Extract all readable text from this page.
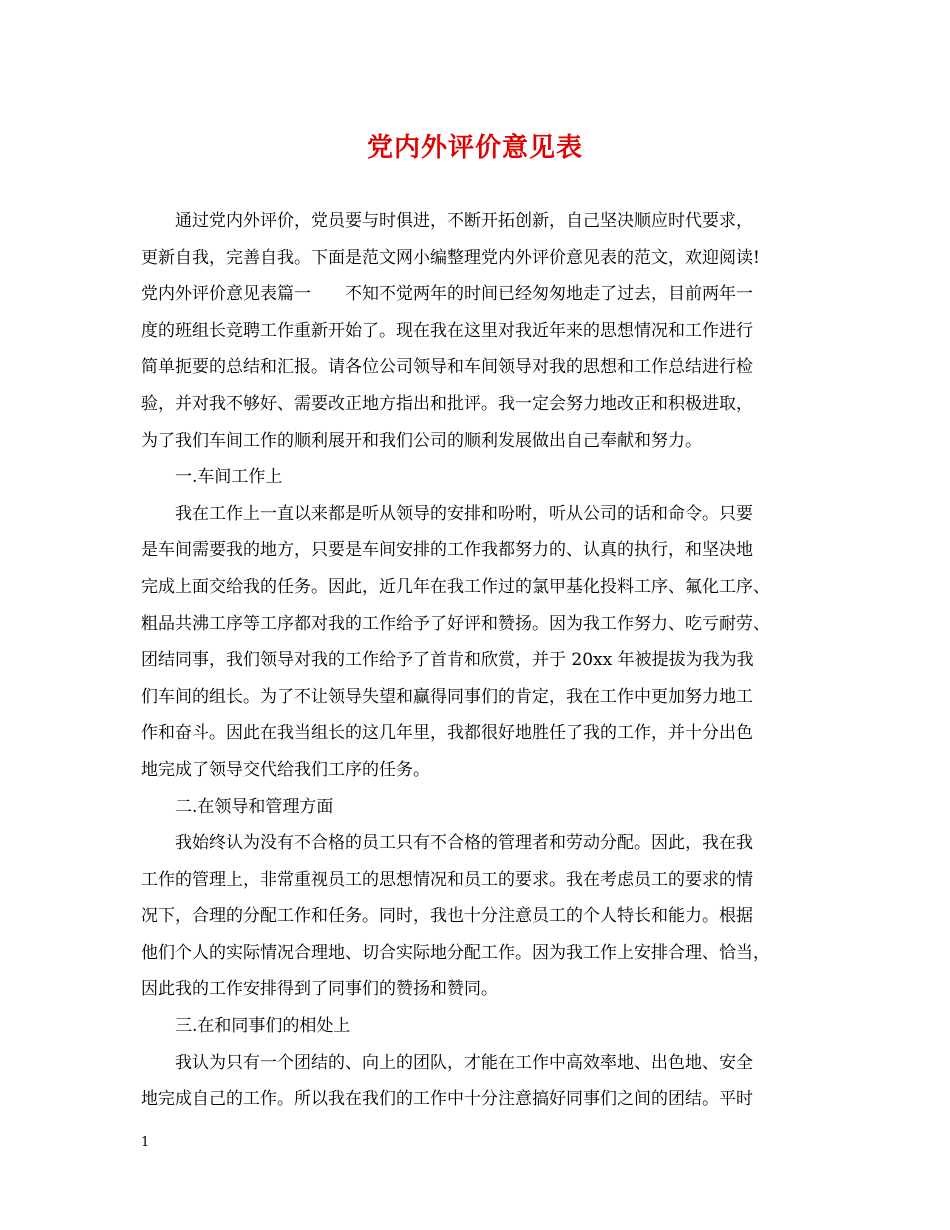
党内外评价意见表
通过党内外评价，党员要与时俱进，不断开拓创新，自己坚决顺应时代要求，
更新自我，完善自我。下面是范文网小编整理党内外评价意见表的范文，欢迎阅读!
党内外评价意见表篇一　　不知不觉两年的时间已经匆匆地走了过去，目前两年一
度的班组长竞聘工作重新开始了。现在我在这里对我近年来的思想情况和工作进行
简单扼要的总结和汇报。请各位公司领导和车间领导对我的思想和工作总结进行检
验，并对我不够好、需要改正地方指出和批评。我一定会努力地改正和积极进取，
为了我们车间工作的顺利展开和我们公司的顺利发展做出自己奉献和努力。
一.车间工作上
我在工作上一直以来都是听从领导的安排和吩咐，听从公司的话和命令。只要
是车间需要我的地方，只要是车间安排的工作我都努力的、认真的执行，和坚决地
完成上面交给我的任务。因此，近几年在我工作过的氯甲基化投料工序、氟化工序、
粗品共沸工序等工序都对我的工作给予了好评和赞扬。因为我工作努力、吃亏耐劳、
团结同事，我们领导对我的工作给予了首肯和欣赏，并于 20xx 年被提拔为我为我
们车间的组长。为了不让领导失望和赢得同事们的肯定，我在工作中更加努力地工
作和奋斗。因此在我当组长的这几年里，我都很好地胜任了我的工作，并十分出色
地完成了领导交代给我们工序的任务。
二.在领导和管理方面
我始终认为没有不合格的员工只有不合格的管理者和劳动分配。因此，我在我
工作的管理上，非常重视员工的思想情况和员工的要求。我在考虑员工的要求的情
况下，合理的分配工作和任务。同时，我也十分注意员工的个人特长和能力。根据
他们个人的实际情况合理地、切合实际地分配工作。因为我工作上安排合理、恰当，
因此我的工作安排得到了同事们的赞扬和赞同。
三.在和同事们的相处上
我认为只有一个团结的、向上的团队，才能在工作中高效率地、出色地、安全
地完成自己的工作。所以我在我们的工作中十分注意搞好同事们之间的团结。平时
1
